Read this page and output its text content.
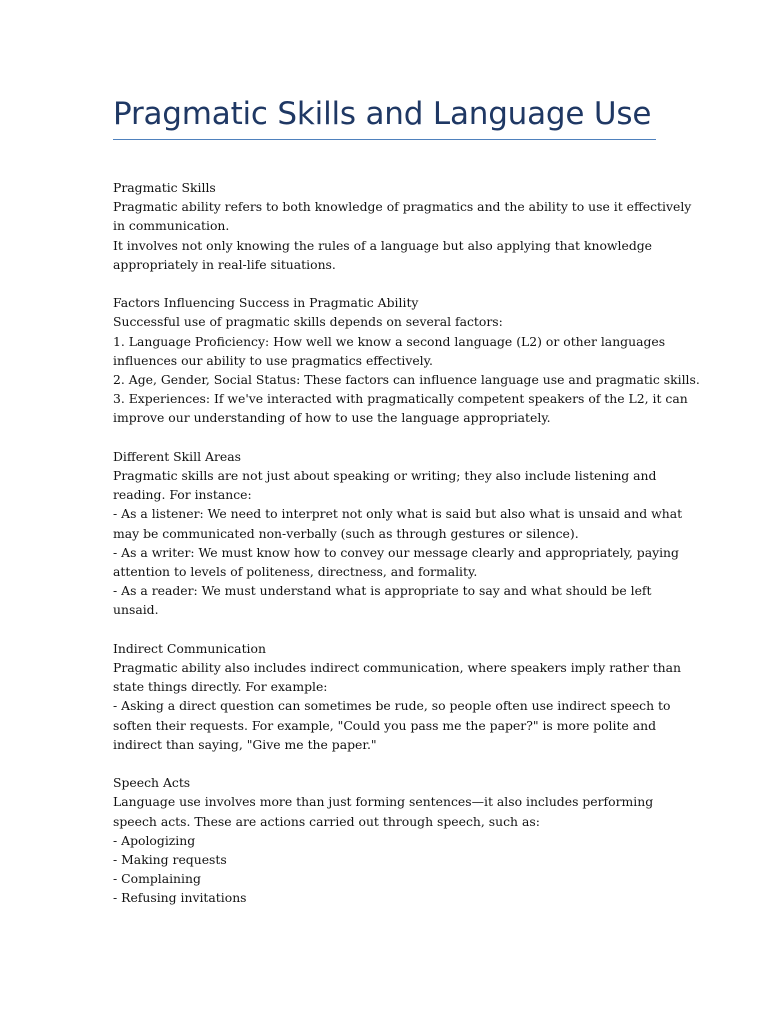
Pragmatic Skills and Language Use
Pragmatic Skills
Pragmatic ability refers to both knowledge of pragmatics and the ability to use it effectively
in communication.
It involves not only knowing the rules of a language but also applying that knowledge
appropriately in real-life situations.
Factors Influencing Success in Pragmatic Ability
Successful use of pragmatic skills depends on several factors:
1. Language Proficiency: How well we know a second language (L2) or other languages
influences our ability to use pragmatics effectively.
2. Age, Gender, Social Status: These factors can influence language use and pragmatic skills.
3. Experiences: If we've interacted with pragmatically competent speakers of the L2, it can
improve our understanding of how to use the language appropriately.
Different Skill Areas
Pragmatic skills are not just about speaking or writing; they also include listening and
reading. For instance:
- As a listener: We need to interpret not only what is said but also what is unsaid and what
may be communicated non-verbally (such as through gestures or silence).
- As a writer: We must know how to convey our message clearly and appropriately, paying
attention to levels of politeness, directness, and formality.
- As a reader: We must understand what is appropriate to say and what should be left
unsaid.
Indirect Communication
Pragmatic ability also includes indirect communication, where speakers imply rather than
state things directly. For example:
- Asking a direct question can sometimes be rude, so people often use indirect speech to
soften their requests. For example, "Could you pass me the paper?" is more polite and
indirect than saying, "Give me the paper."
Speech Acts
Language use involves more than just forming sentences—it also includes performing
speech acts. These are actions carried out through speech, such as:
- Apologizing
- Making requests
- Complaining
- Refusing invitations
